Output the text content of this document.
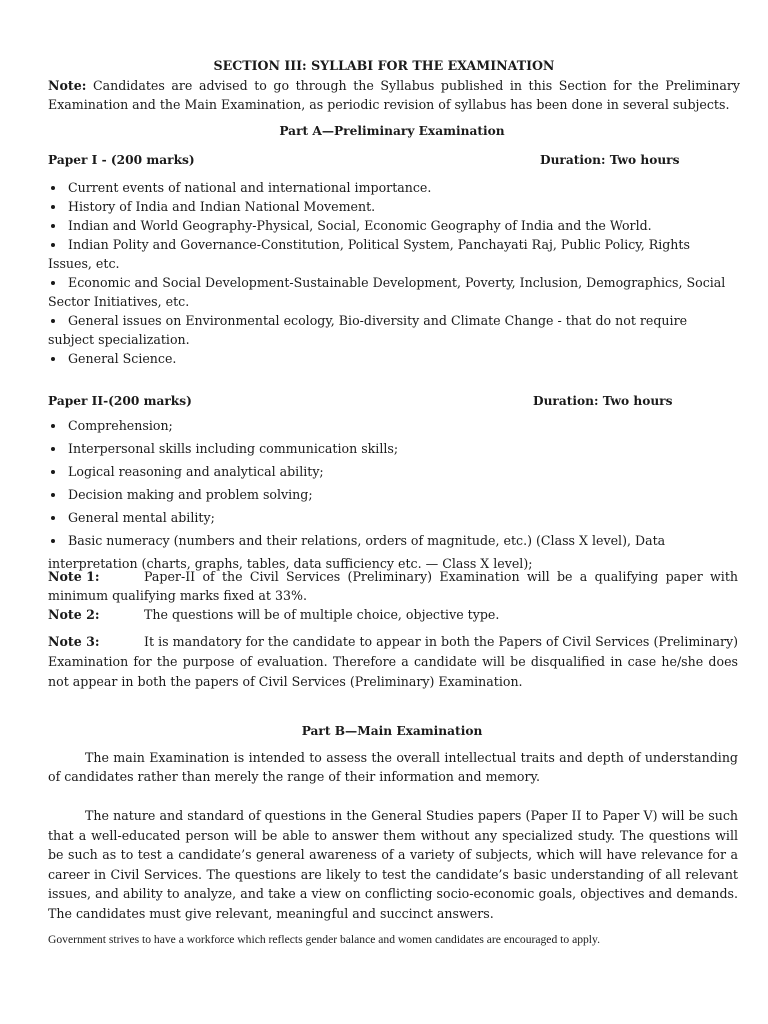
SECTION III: SYLLABI FOR THE EXAMINATION
Note: Candidates are advised to go through the Syllabus published in this Section for the Preliminary Examination and the Main Examination, as periodic revision of syllabus has been done in several subjects.
Part A—Preliminary Examination
Paper I - (200 marks)	Duration: Two hours
Current events of national and international importance.
History of India and Indian National Movement.
Indian and World Geography-Physical, Social, Economic Geography of India and the World.
Indian Polity and Governance-Constitution, Political System, Panchayati Raj, Public Policy, Rights
Issues, etc.
Economic and Social Development-Sustainable Development, Poverty, Inclusion, Demographics, Social
Sector Initiatives, etc.
General issues on Environmental ecology, Bio-diversity and Climate Change - that do not require
subject specialization.
General Science.
Paper II-(200 marks)	Duration: Two hours
Comprehension;
Interpersonal skills including communication skills;
Logical reasoning and analytical ability;
Decision making and problem solving;
General mental ability;
Basic numeracy (numbers and their relations, orders of magnitude, etc.) (Class X level), Data
interpretation (charts, graphs, tables, data sufficiency etc. — Class X level);
Note 1:	Paper-II of the Civil Services (Preliminary) Examination will be a qualifying paper with minimum qualifying marks fixed at 33%.
Note 2:	The questions will be of multiple choice, objective type.
Note 3:	It is mandatory for the candidate to appear in both the Papers of Civil Services (Preliminary) Examination for the purpose of evaluation. Therefore a candidate will be disqualified in case he/she does not appear in both the papers of Civil Services (Preliminary) Examination.
Part B—Main Examination
The main Examination is intended to assess the overall intellectual traits and depth of understanding of candidates rather than merely the range of their information and memory.
The nature and standard of questions in the General Studies papers (Paper II to Paper V) will be such that a well-educated person will be able to answer them without any specialized study. The questions will be such as to test a candidate’s general awareness of a variety of subjects, which will have relevance for a career in Civil Services. The questions are likely to test the candidate’s basic understanding of all relevant issues, and ability to analyze, and take a view on conflicting socio-economic goals, objectives and demands. The candidates must give relevant, meaningful and succinct answers.
Government strives to have a workforce which reflects gender balance and women candidates are encouraged to apply.
